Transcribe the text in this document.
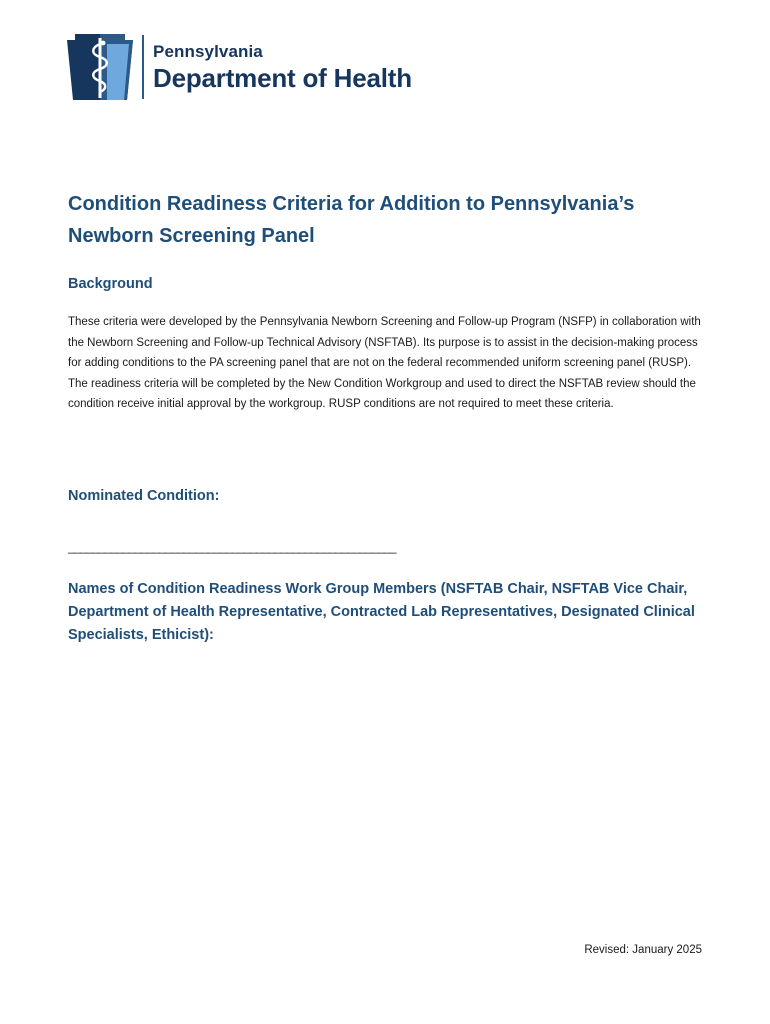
Pennsylvania
Department of Health
Condition Readiness Criteria for Addition to Pennsylvania’s Newborn Screening Panel
Background

These criteria were developed by the Pennsylvania Newborn Screening and Follow-up Program (NSFP) in collaboration with the Newborn Screening and Follow-up Technical Advisory (NSFTAB). Its purpose is to assist in the decision-making process for adding conditions to the PA screening panel that are not on the federal recommended uniform screening panel (RUSP). The readiness criteria will be completed by the New Condition Workgroup and used to direct the NSFTAB review should the condition receive initial approval by the workgroup. RUSP conditions are not required to meet these criteria.

Nominated Condition:
______________________________________________________
Names of Condition Readiness Work Group Members (NSFTAB Chair, NSFTAB Vice Chair, Department of Health Representative, Contracted Lab Representatives, Designated Clinical Specialists, Ethicist):
Revised: January 2025
